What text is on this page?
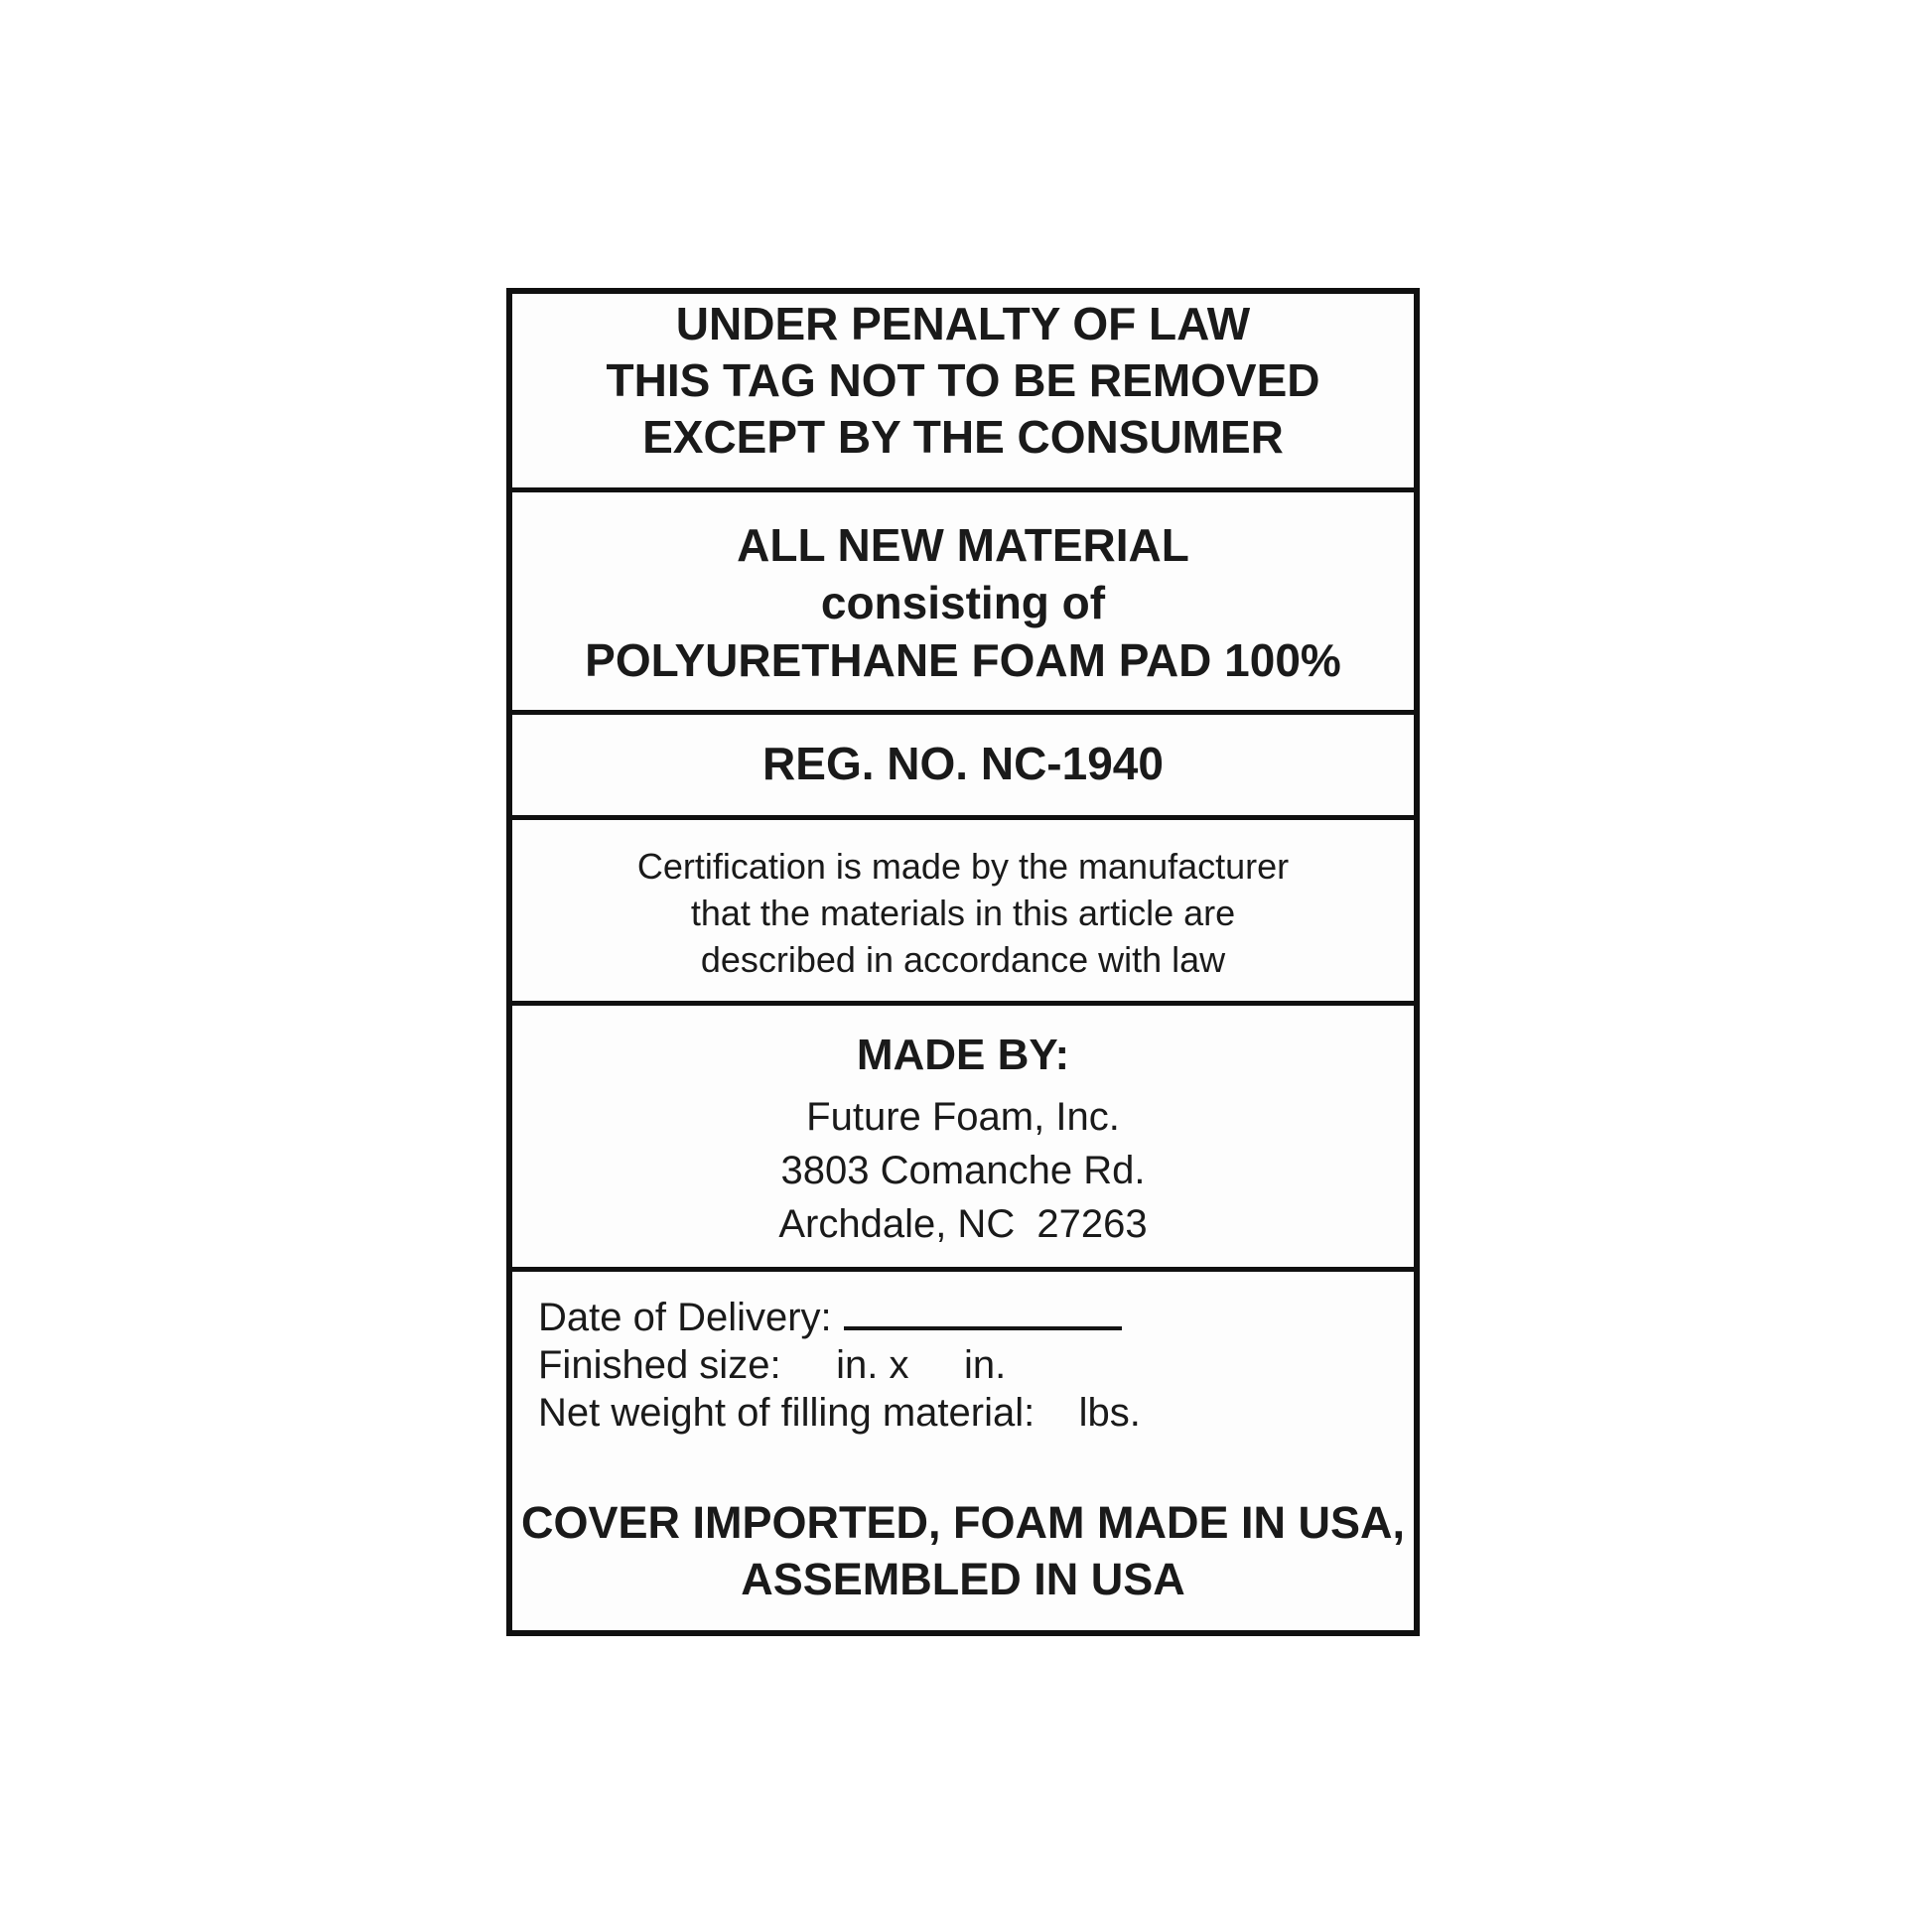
UNDER PENALTY OF LAW
THIS TAG NOT TO BE REMOVED
EXCEPT BY THE CONSUMER
ALL NEW MATERIAL
consisting of
POLYURETHANE FOAM PAD 100%
REG. NO. NC-1940
Certification is made by the manufacturer
that the materials in this article are
described in accordance with law
MADE BY:
Future Foam, Inc.
3803 Comanche Rd.
Archdale, NC  27263
Date of Delivery:
Finished size:     in. x     in.
Net weight of filling material:    lbs.
COVER IMPORTED, FOAM MADE IN USA,
ASSEMBLED IN USA
